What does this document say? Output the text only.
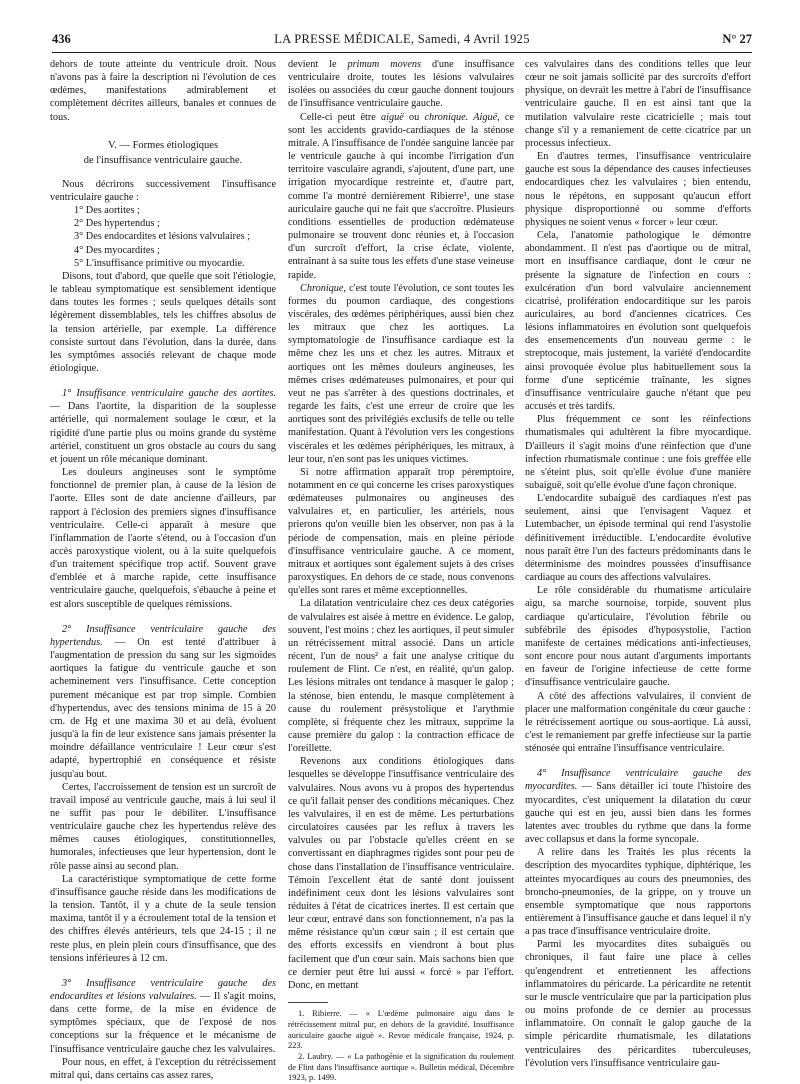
436	LA PRESSE MÉDICALE, Samedi, 4 Avril 1925	N° 27

dehors de toute atteinte du ventricule droit. Nous n'avons pas à faire la description ni l'évolution de ces œdèmes, manifestations admirablement et complètement décrites ailleurs, banales et connues de tous.

V. — Formes étiologiques
de l'insuffisance ventriculaire gauche.

Nous décrirons successivement l'insuffisance ventriculaire gauche :

1° Des aortites ;
2° Des hypertendus ;
3° Des endocardites et lésions valvulaires ;
4° Des myocardites ;
5° L'insuffisance primitive ou myocardie.

Disons, tout d'abord, que quelle que soit l'étiologie, le tableau symptomatique est sensiblement identique dans toutes les formes ; seuls quelques détails sont légèrement dissemblables, tels les chiffres absolus de la tension artérielle, par exemple. La différence consiste surtout dans l'évolution, dans la durée, dans les symptômes associés relevant de chaque mode étiologique.

1° Insuffisance ventriculaire gauche des aortites. — Dans l'aortite, la disparition de la souplesse artérielle, qui normalement soulage le cœur, et la rigidité d'une partie plus ou moins grande du système artériel, constituent un gros obstacle au cours du sang et jouent un rôle mécanique dominant.

Les douleurs angineuses sont le symptôme fonctionnel de premier plan, à cause de la lésion de l'aorte. Elles sont de date ancienne d'ailleurs, par rapport à l'éclosion des premiers signes d'insuffisance ventriculaire. Celle-ci apparaît à mesure que l'inflammation de l'aorte s'étend, ou à l'occasion d'un accès paroxystique violent, ou à la suite quelquefois d'un traitement spécifique trop actif. Souvent grave d'emblée et à marche rapide, cette insuffisance ventriculaire gauche, quelquefois, s'ébauche à peine et est alors susceptible de quelques rémissions.

2° Insuffisance ventriculaire gauche des hypertendus. — On est tenté d'attribuer à l'augmentation de pression du sang sur les sigmoïdes aortiques la fatigue du ventricule gauche et son acheminement vers l'insuffisance. Cette conception purement mécanique est par trop simple. Combien d'hypertendus, avec des tensions minima de 15 à 20 cm. de Hg et une maxima 30 et au delà, évoluent jusqu'à la fin de leur existence sans jamais présenter la moindre défaillance ventriculaire ! Leur cœur s'est adapté, hypertrophié en conséquence et résiste jusqu'au bout.

Certes, l'accroissement de tension est un surcroît de travail imposé au ventricule gauche, mais à lui seul il ne suffit pas pour le débiliter. L'insuffisance ventriculaire gauche chez les hypertendus relève des mêmes causes étiologiques, constitutionnelles, humorales, infectieuses que leur hypertension, dont le rôle passe ainsi au second plan.

La caractéristique symptomatique de cette forme d'insuffisance gauche réside dans les modifications de la tension. Tantôt, il y a chute de la seule tension maxima, tantôt il y a écroulement total de la tension et des chiffres élevés antérieurs, tels que 24-15 ; il ne reste plus, en plein plein cours d'insuffisance, que des tensions inférieures à 12 cm.

3° Insuffisance ventriculaire gauche des endocardites et lésions valvulaires. — Il s'agit moins, dans cette forme, de la mise en évidence de symptômes spéciaux, que de l'exposé de nos conceptions sur la fréquence et le mécanisme de l'insuffisance ventriculaire gauche chez les valvulaires.

Pour nous, en effet, à l'exception du rétrécissement mitral qui, dans certains cas assez rares,

devient le primum movens d'une insuffisance ventriculaire droite, toutes les lésions valvulaires isolées ou associées du cœur gauche donnent toujours de l'insuffisance ventriculaire gauche.

Celle-ci peut être aiguë ou chronique. Aiguë, ce sont les accidents gravido-cardiaques de la sténose mitrale. A l'insuffisance de l'ondée sanguine lancée par le ventricule gauche à qui incombe l'irrigation d'un territoire vasculaire agrandi, s'ajoutent, d'une part, une irrigation myocardique restreinte et, d'autre part, comme l'a montré dernièrement Ribierre¹, une stase auriculaire gauche qui ne fait que s'accroître. Plusieurs conditions essentielles de production œdémateuse pulmonaire se trouvent donc réunies et, à l'occasion d'un surcroît d'effort, la crise éclate, violente, entraînant à sa suite tous les effets d'une stase veineuse rapide.

Chronique, c'est toute l'évolution, ce sont toutes les formes du poumon cardiaque, des congestions viscérales, des œdèmes périphériques, aussi bien chez les mitraux que chez les aortiques. La symptomatologie de l'insuffisance cardiaque est la même chez les uns et chez les autres. Mitraux et aortiques ont les mêmes douleurs angineuses, les mêmes crises œdémateuses pulmonaires, et pour qui veut ne pas s'arrêter à des questions doctrinales, et regarde les faits, c'est une erreur de croire que les aortiques sont des privilégiés exclusifs de telle ou telle manifestation. Quant à l'évolution vers les congestions viscérales et les œdèmes périphériques, les mitraux, à leur tour, n'en sont pas les uniques victimes.

Si notre affirmation apparaît trop péremptoire, notamment en ce qui concerne les crises paroxystiques œdémateuses pulmonaires ou angineuses des valvulaires et, en particulier, les artériels, nous prierons qu'on veuille bien les observer, non pas à la période de compensation, mais en pleine période d'insuffisance ventriculaire gauche. A ce moment, mitraux et aortiques sont également sujets à des crises paroxystiques. En dehors de ce stade, nous convenons qu'elles sont rares et même exceptionnelles.

La dilatation ventriculaire chez ces deux catégories de valvulaires est aisée à mettre en évidence. Le galop, souvent, l'est moins : chez les aortiques, il peut simuler un rétrécissement mitral associé. Dans un article récent, l'un de nous² a fait une analyse critique du roulement de Flint. Ce n'est, en réalité, qu'un galop. Les lésions mitrales ont tendance à masquer le galop ; la sténose, bien entendu, le masque complètement à cause du roulement présystolique et l'arythmie complète, si fréquente chez les mitraux, supprime la cause première du galop : la contraction efficace de l'oreillette.

Revenons aux conditions étiologiques dans lesquelles se développe l'insuffisance ventriculaire des valvulaires. Nous avons vu à propos des hypertendus ce qu'il fallait penser des conditions mécaniques. Chez les valvulaires, il en est de même. Les perturbations circulatoires causées par les reflux à travers les valvules ou par l'obstacle qu'elles créent en se convertissant en diaphragmes rigides sont pour peu de chose dans l'installation de l'insuffisance ventriculaire. Témoin l'excellent état de santé dont jouissent indéfiniment ceux dont les lésions valvulaires sont réduites à l'état de cicatrices inertes. Il est certain que leur cœur, entravé dans son fonctionnement, n'a pas la même résistance qu'un cœur sain ; il est certain que des efforts excessifs en viendront à bout plus facilement que d'un cœur sain. Mais sachons bien que ce dernier peut être lui aussi « forcé » par l'effort. Donc, en mettant

1. Ribierre. — « L'œdème pulmonaire aigu dans le rétrécissement mitral pur, en dehors de la gravidité. Insuffisance auriculaire gauche aiguë ». Revue médicale française, 1924, p. 223.

2. Laubry. — « La pathogénie et la signification du roulement de Flint dans l'insuffisance aortique ». Bulletin médical, Décembre 1923, p. 1499.

ces valvulaires dans des conditions telles que leur cœur ne soit jamais sollicité par des surcroîts d'effort physique, on devrait les mettre à l'abri de l'insuffisance ventriculaire gauche. Il en est ainsi tant que la mutilation valvulaire reste cicatricielle ; mais tout change s'il y a remaniement de cette cicatrice par un processus infectieux.

En d'autres termes, l'insuffisance ventriculaire gauche est sous la dépendance des causes infectieuses endocardiques chez les valvulaires ; bien entendu, nous le répétons, en supposant qu'aucun effort physique disproportionné ou somme d'efforts physiques ne soient venus « forcer » leur cœur.

Cela, l'anatomie pathologique le démontre abondamment. Il n'est pas d'aortique ou de mitral, mort en insuffisance cardiaque, dont le cœur ne présente la signature de l'infection en cours : exulcération d'un bord valvulaire anciennement cicatrisé, prolifération endocarditique sur les parois auriculaires, au bord d'anciennes cicatrices. Ces lésions inflammatoires en évolution sont quelquefois des ensemencements d'un nouveau germe : le streptocoque, mais justement, la variété d'endocardite ainsi provoquée évolue plus habituellement sous la forme d'une septicémie traînante, les signes d'insuffisance ventriculaire gauche n'étant que peu accusés et très tardifs.

Plus fréquemment ce sont les réinfections rhumatismales qui adultèrent la fibre myocardique. D'ailleurs il s'agit moins d'une réinfection que d'une infection rhumatismale continue : une fois greffée elle ne s'éteint plus, soit qu'elle évolue d'une manière subaiguë, soit qu'elle évolue d'une façon chronique.

L'endocardite subaiguë des cardiaques n'est pas seulement, ainsi que l'envisagent Vaquez et Lutembacher, un épisode terminal qui rend l'asystolie définitivement irréductible. L'endocardite évolutive nous paraît être l'un des facteurs prédominants dans le déterminisme des moindres poussées d'insuffisance cardiaque au cours des affections valvulaires.

Le rôle considérable du rhumatisme articulaire aigu, sa marche sournoise, torpide, souvent plus cardiaque qu'articulaire, l'évolution fébrile ou subfébrile des épisodes d'hyposystolie, l'action manifeste de certaines médications anti-infectieuses, sont encore pour nous autant d'arguments importants en faveur de l'origine infectieuse de cette forme d'insuffisance ventriculaire gauche.

A côté des affections valvulaires, il convient de placer une malformation congénitale du cœur gauche : le rétrécissement aortique ou sous-aortique. Là aussi, c'est le remaniement par greffe infectieuse sur la partie sténosée qui entraîne l'insuffisance ventriculaire.

4° Insuffisance ventriculaire gauche des myocardites. — Sans détailler ici toute l'histoire des myocardites, c'est uniquement la dilatation du cœur gauche qui est en jeu, aussi bien dans les formes latentes avec troubles du rythme que dans la forme avec collapsus et dans la forme syncopale.

A relire dans les Traités les plus récents la description des myocardites typhique, diphtérique, les atteintes myocardiques au cours des pneumonies, des broncho-pneumonies, de la grippe, on y trouve un ensemble symptomatique que nous rapportons entièrement à l'insuffisance gauche et dans lequel il n'y a pas trace d'insuffisance ventriculaire droite.

Parmi les myocardites dites subaiguës ou chroniques, il faut faire une place à celles qu'engendrent et entretiennent les affections inflammatoires du péricarde. La péricardite ne retentit sur le muscle ventriculaire que par la participation plus ou moins profonde de ce dernier au processus inflammatoire. On connaît le galop gauche de la simple péricardite rhumatismale, les dilatations ventriculaires des péricardites tuberculeuses, l'évolution vers l'insuffisance ventriculaire gau-
